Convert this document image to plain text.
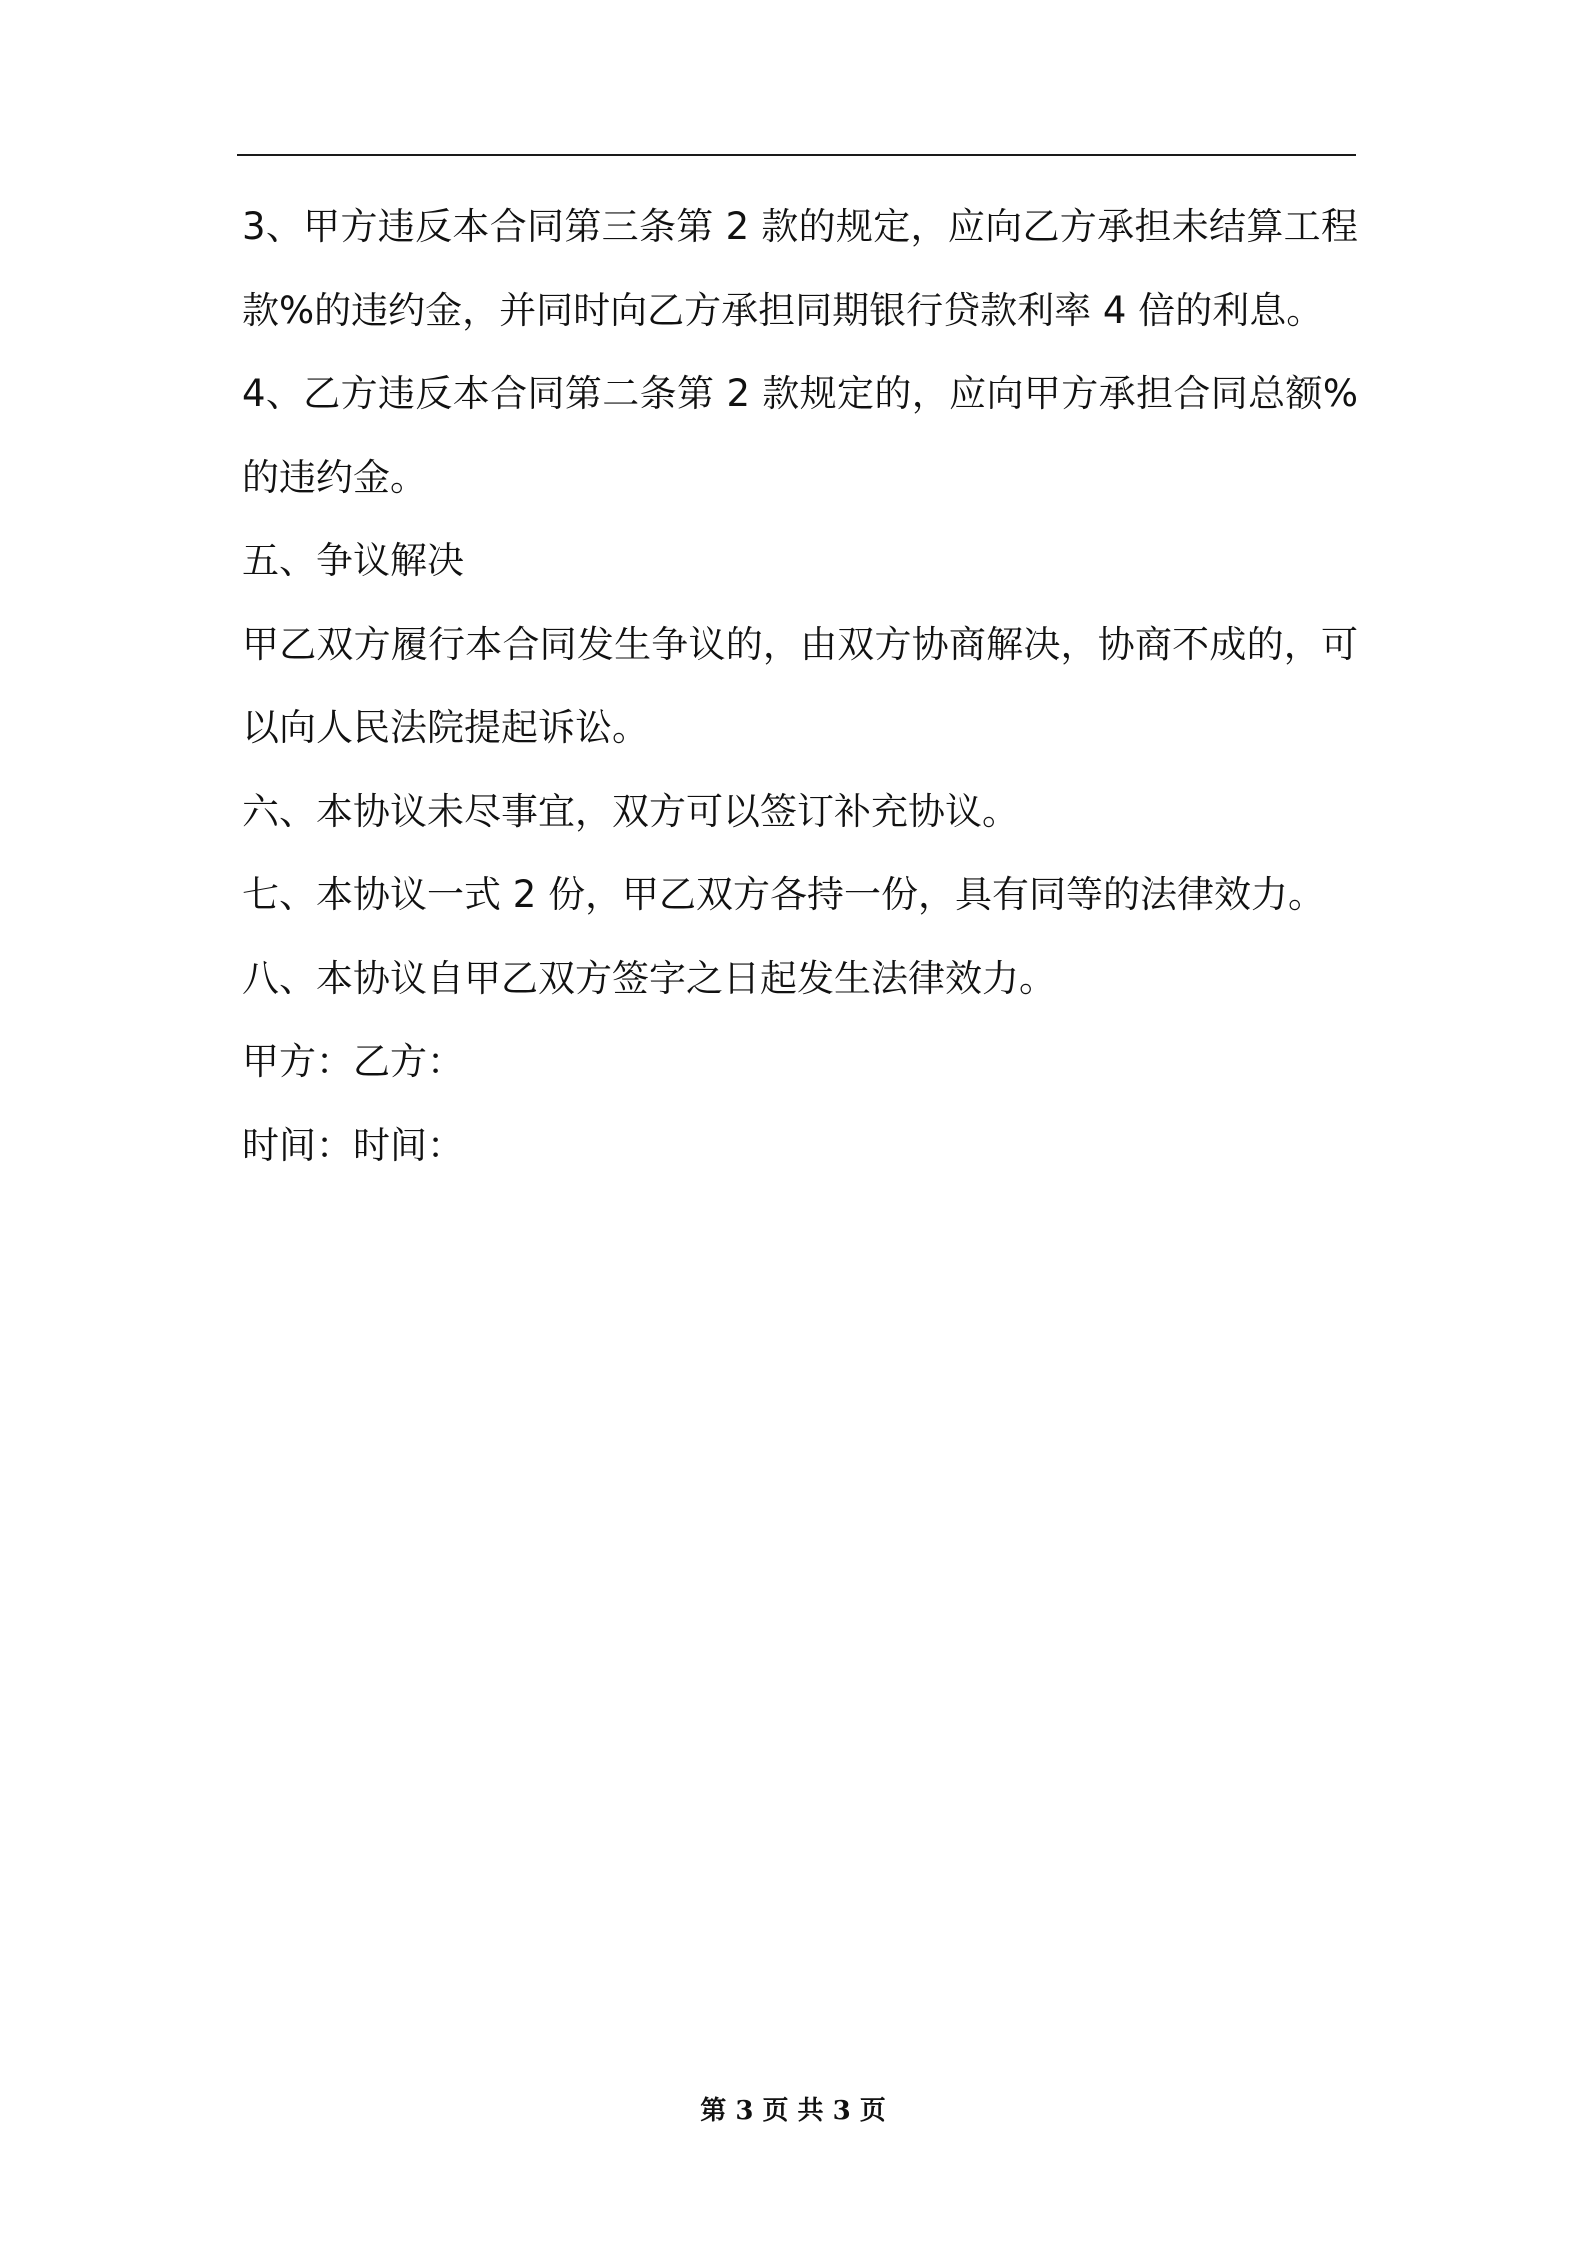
3、甲方违反本合同第三条第 2 款的规定，应向乙方承担未结算工程
款%的违约金，并同时向乙方承担同期银行贷款利率 4 倍的利息。
4、乙方违反本合同第二条第 2 款规定的，应向甲方承担合同总额%
的违约金。
五、争议解决
甲乙双方履行本合同发生争议的，由双方协商解决，协商不成的，可
以向人民法院提起诉讼。
六、本协议未尽事宜，双方可以签订补充协议。
七、本协议一式 2 份，甲乙双方各持一份，具有同等的法律效力。
八、本协议自甲乙双方签字之日起发生法律效力。
甲方：乙方：
时间：时间：
第 3 页 共 3 页
